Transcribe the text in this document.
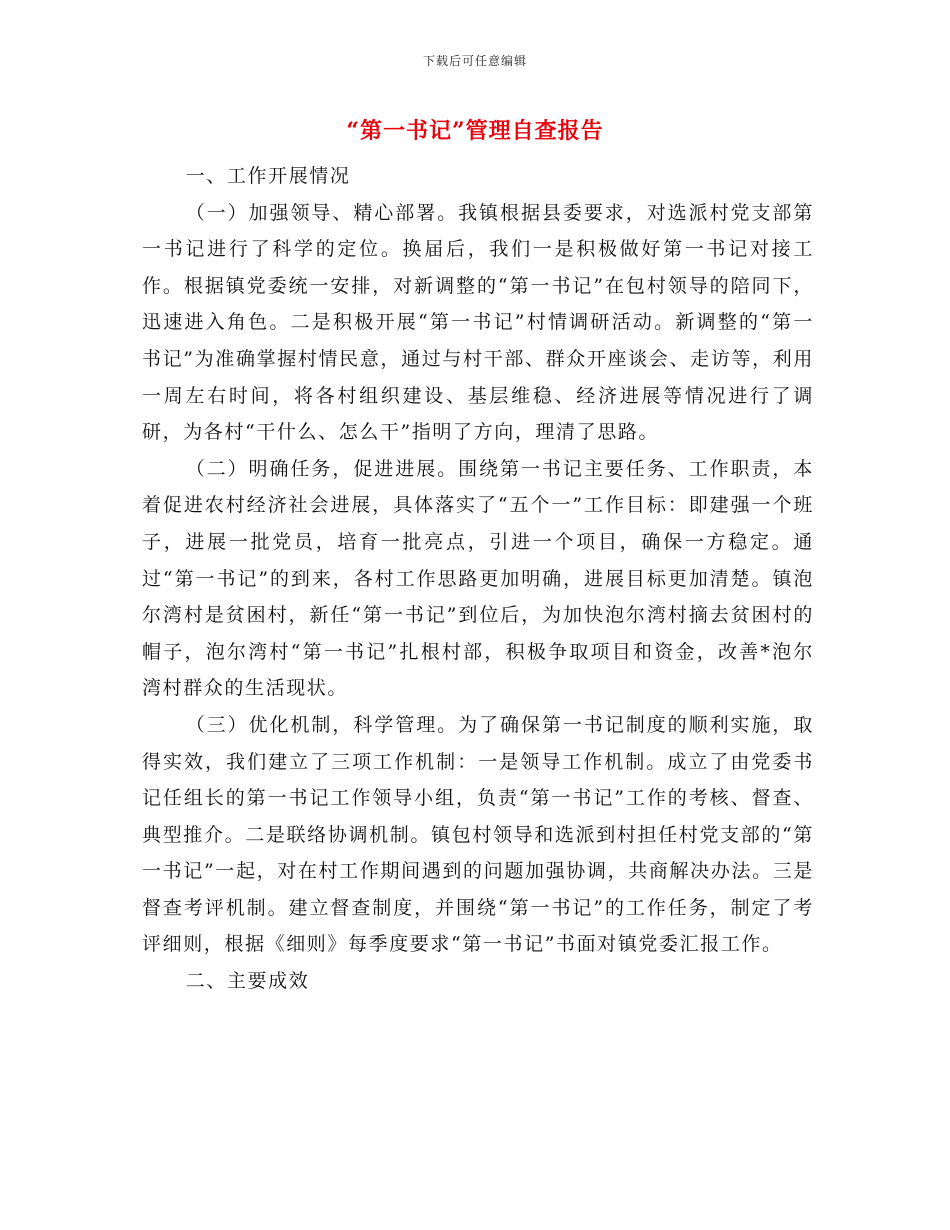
下载后可任意编辑
“第一书记”管理自查报告

一、工作开展情况

（一）加强领导、精心部署。我镇根据县委要求，对选派村党支部第一书记进行了科学的定位。换届后，我们一是积极做好第一书记对接工作。根据镇党委统一安排，对新调整的“第一书记”在包村领导的陪同下，迅速进入角色。二是积极开展“第一书记”村情调研活动。新调整的“第一书记”为准确掌握村情民意，通过与村干部、群众开座谈会、走访等，利用一周左右时间，将各村组织建设、基层维稳、经济进展等情况进行了调研，为各村“干什么、怎么干”指明了方向，理清了思路。

（二）明确任务，促进进展。围绕第一书记主要任务、工作职责，本着促进农村经济社会进展，具体落实了“五个一”工作目标：即建强一个班子，进展一批党员，培育一批亮点，引进一个项目，确保一方稳定。通过“第一书记”的到来，各村工作思路更加明确，进展目标更加清楚。镇泡尔湾村是贫困村，新任“第一书记”到位后，为加快泡尔湾村摘去贫困村的帽子，泡尔湾村“第一书记”扎根村部，积极争取项目和资金，改善*泡尔湾村群众的生活现状。

（三）优化机制，科学管理。为了确保第一书记制度的顺利实施，取得实效，我们建立了三项工作机制：一是领导工作机制。成立了由党委书记任组长的第一书记工作领导小组，负责“第一书记”工作的考核、督查、典型推介。二是联络协调机制。镇包村领导和选派到村担任村党支部的“第一书记”一起，对在村工作期间遇到的问题加强协调，共商解决办法。三是督查考评机制。建立督查制度，并围绕“第一书记”的工作任务，制定了考评细则，根据《细则》每季度要求“第一书记”书面对镇党委汇报工作。

二、主要成效
